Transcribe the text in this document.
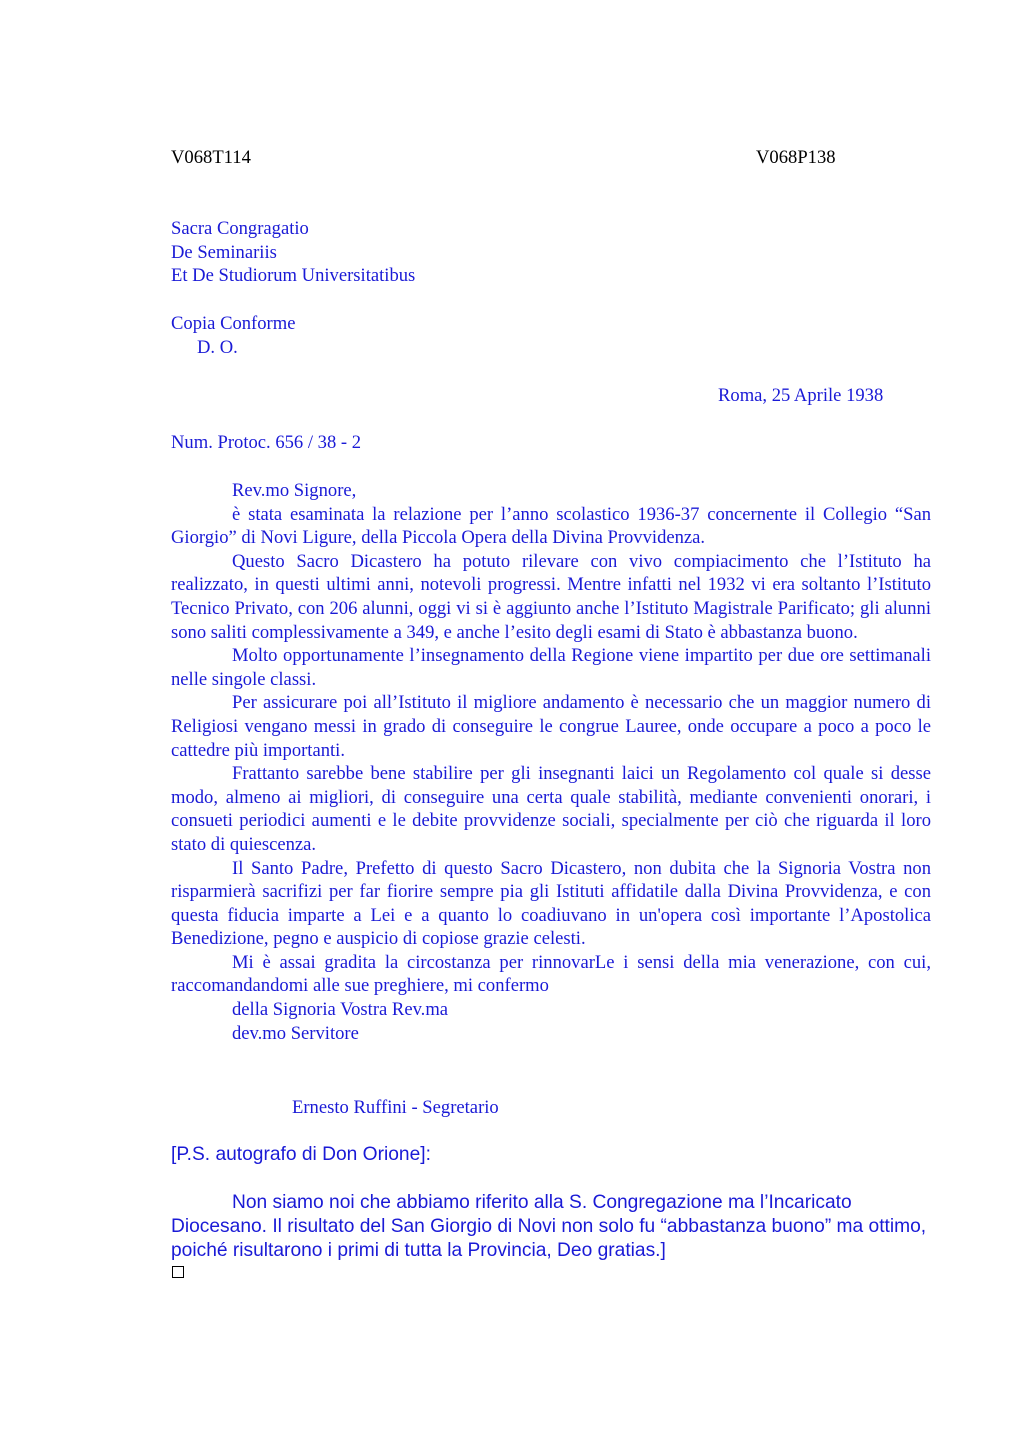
V068T114	V068P138
Sacra Congragatio
De Seminariis
Et De Studiorum Universitatibus
Copia Conforme
D. O.
Roma, 25 Aprile 1938
Num. Protoc. 656 / 38 - 2

Rev.mo Signore,

è stata esaminata la relazione per l’anno scolastico 1936-37 concernente il Collegio “San Giorgio” di Novi Ligure, della Piccola Opera della Divina Provvidenza.

Questo Sacro Dicastero ha potuto rilevare con vivo compiacimento che l’Istituto ha realizzato, in questi ultimi anni, notevoli progressi. Mentre infatti nel 1932 vi era soltanto l’Istituto Tecnico Privato, con 206 alunni, oggi vi si è aggiunto anche l’Istituto Magistrale Parificato; gli alunni sono saliti complessivamente a 349, e anche l’esito degli esami di Stato è abbastanza buono.

Molto opportunamente l’insegnamento della Regione viene impartito per due ore settimanali nelle singole classi.

Per assicurare poi all’Istituto il migliore andamento è necessario che un maggior numero di Religiosi vengano messi in grado di conseguire le congrue Lauree, onde occupare a poco a poco le cattedre più importanti.

Frattanto sarebbe bene stabilire per gli insegnanti laici un Regolamento col quale si desse modo, almeno ai migliori, di conseguire una certa quale stabilità, mediante convenienti onorari, i consueti periodici aumenti e le debite provvidenze sociali, specialmente per ciò che riguarda il loro stato di quiescenza.

Il Santo Padre, Prefetto di questo Sacro Dicastero, non dubita che la Signoria Vostra non risparmierà sacrifizi per far fiorire sempre pia gli Istituti affidatile dalla Divina Provvidenza, e con questa fiducia imparte a Lei e a quanto lo coadiuvano in un'opera così importante l’Apostolica Benedizione, pegno e auspicio di copiose grazie celesti.

Mi è assai gradita la circostanza per rinnovarLe i sensi della mia venerazione, con cui, raccomandandomi alle sue preghiere, mi confermo

della Signoria Vostra Rev.ma
dev.mo Servitore
Ernesto Ruffini - Segretario
[P.S. autografo di Don Orione]:

Non siamo noi che abbiamo riferito alla S. Congregazione ma l’Incaricato Diocesano. Il risultato del San Giorgio di Novi non solo fu “abbastanza buono” ma ottimo, poiché risultarono i primi di tutta la Provincia, Deo gratias.]
